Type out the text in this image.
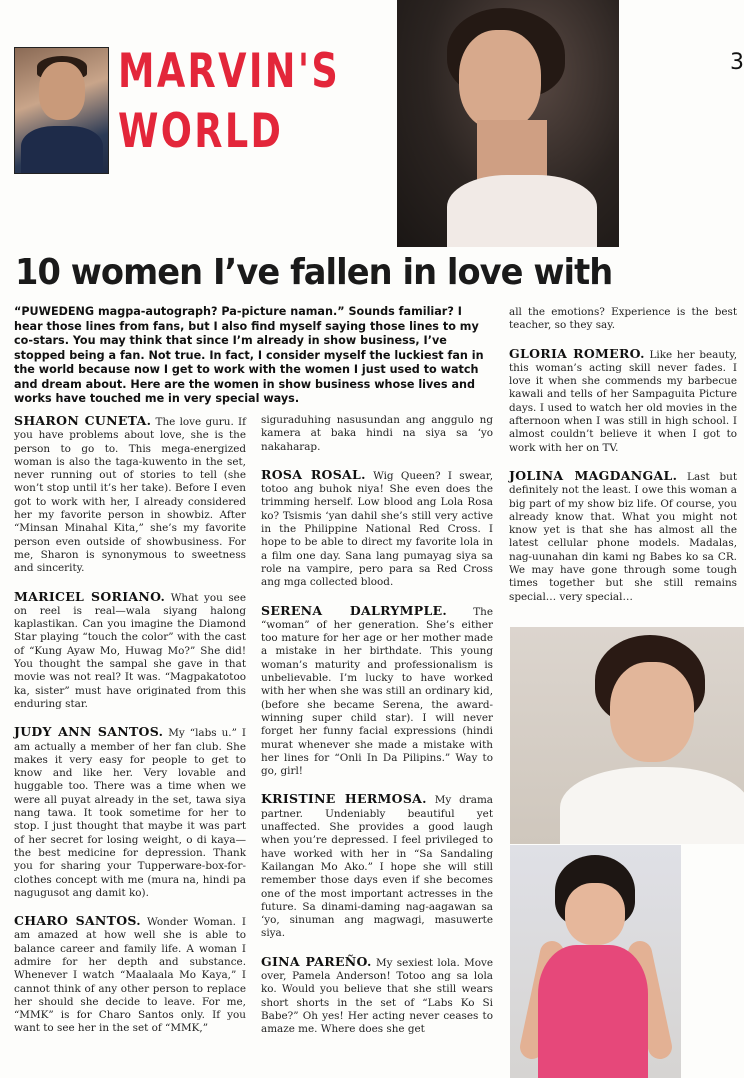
MARVIN'S
WORLD
3
10 women I’ve fallen in love with
“PUWEDENG magpa-autograph? Pa-picture naman.” Sounds familiar? I hear those lines from fans, but I also find myself saying those lines to my co-stars. You may think that since I’m already in show business, I’ve stopped being a fan. Not true. In fact, I consider myself the luckiest fan in the world because now I get to work with the women I just used to watch and dream about. Here are the women in show business whose lives and works have touched me in very special ways.

SHARON CUNETA. The love guru. If you have problems about love, she is the person to go to. This mega-energized woman is also the taga-kuwento in the set, never running out of stories to tell (she won’t stop until it’s her take). Before I even got to work with her, I already considered her my favorite person in showbiz. After “Minsan Minahal Kita,” she’s my favorite person even outside of showbusiness. For me, Sharon is synonymous to sweetness and sincerity.

MARICEL SORIANO. What you see on reel is real—wala siyang halong kaplastikan. Can you imagine the Diamond Star playing “touch the color” with the cast of “Kung Ayaw Mo, Huwag Mo?” She did! You thought the sampal she gave in that movie was not real? It was. “Magpakatotoo ka, sister” must have originated from this enduring star.

JUDY ANN SANTOS. My “labs u.” I am actually a member of her fan club. She makes it very easy for people to get to know and like her. Very lovable and huggable too. There was a time when we were all puyat already in the set, tawa siya nang tawa. It took sometime for her to stop. I just thought that maybe it was part of her secret for losing weight, o di kaya—the best medicine for depression. Thank you for sharing your Tupperware-box-for-clothes concept with me (mura na, hindi pa nagugusot ang damit ko).

CHARO SANTOS. Wonder Woman. I am amazed at how well she is able to balance career and family life. A woman I admire for her depth and substance. Whenever I watch “Maalaala Mo Kaya,” I cannot think of any other person to replace her should she decide to leave. For me, “MMK” is for Charo Santos only. If you want to see her in the set of “MMK,”

siguraduhing nasusundan ang anggulo ng kamera at baka hindi na siya sa ‘yo nakaharap.

ROSA ROSAL. Wig Queen? I swear, totoo ang buhok niya! She even does the trimming herself. Low blood ang Lola Rosa ko? Tsismis ‘yan dahil she’s still very active in the Philippine National Red Cross. I hope to be able to direct my favorite lola in a film one day. Sana lang pumayag siya sa role na vampire, pero para sa Red Cross ang mga collected blood.

SERENA DALRYMPLE. The “woman” of her generation. She’s either too mature for her age or her mother made a mistake in her birthdate. This young woman’s maturity and professionalism is unbelievable. I’m lucky to have worked with her when she was still an ordinary kid, (before she became Serena, the award-winning super child star). I will never forget her funny facial expressions (hindi murat whenever she made a mistake with her lines for “Onli In Da Pilipins.” Way to go, girl!

KRISTINE HERMOSA. My drama partner. Undeniably beautiful yet unaffected. She provides a good laugh when you’re depressed. I feel privileged to have worked with her in “Sa Sandaling Kailangan Mo Ako.” I hope she will still remember those days even if she becomes one of the most important actresses in the future. Sa dinami-daming nag-aagawan sa ‘yo, sinuman ang magwagi, masuwerte siya.

GINA PAREÑO. My sexiest lola. Move over, Pamela Anderson! Totoo ang sa lola ko. Would you believe that she still wears short shorts in the set of “Labs Ko Si Babe?” Oh yes! Her acting never ceases to amaze me. Where does she get

all the emotions? Experience is the best teacher, so they say.

GLORIA ROMERO. Like her beauty, this woman’s acting skill never fades. I love it when she commends my barbecue kawali and tells of her Sampaguita Picture days. I used to watch her old movies in the afternoon when I was still in high school. I almost couldn’t believe it when I got to work with her on TV.

JOLINA MAGDANGAL. Last but definitely not the least. I owe this woman a big part of my show biz life. Of course, you already know that. What you might not know yet is that she has almost all the latest cellular phone models. Madalas, nag-uunahan din kami ng Babes ko sa CR. We may have gone through some tough times together but she still remains special… very special…
